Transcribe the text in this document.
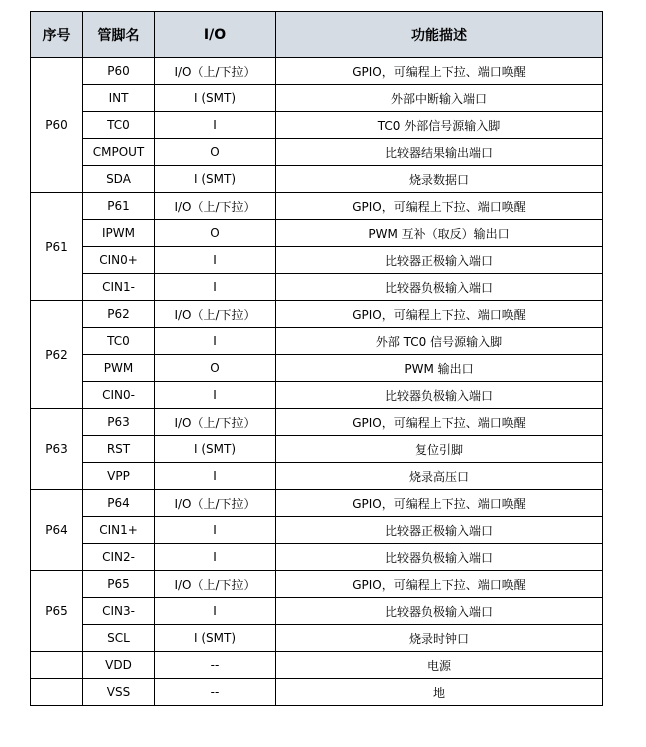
序号	管脚名	I/O	功能描述
P60	P60	I/O（上/下拉）	GPIO，可编程上下拉、端口唤醒
	INT	I (SMT)	外部中断输入端口
	TC0	I	TC0 外部信号源输入脚
	CMPOUT	O	比较器结果输出端口
	SDA	I (SMT)	烧录数据口
P61	P61	I/O（上/下拉）	GPIO，可编程上下拉、端口唤醒
	IPWM	O	PWM 互补（取反）输出口
	CIN0+	I	比较器正极输入端口
	CIN1-	I	比较器负极输入端口
P62	P62	I/O（上/下拉）	GPIO，可编程上下拉、端口唤醒
	TC0	I	外部 TC0 信号源输入脚
	PWM	O	PWM 输出口
	CIN0-	I	比较器负极输入端口
P63	P63	I/O（上/下拉）	GPIO，可编程上下拉、端口唤醒
	RST	I (SMT)	复位引脚
	VPP	I	烧录高压口
P64	P64	I/O（上/下拉）	GPIO，可编程上下拉、端口唤醒
	CIN1+	I	比较器正极输入端口
	CIN2-	I	比较器负极输入端口
P65	P65	I/O（上/下拉）	GPIO，可编程上下拉、端口唤醒
	CIN3-	I	比较器负极输入端口
	SCL	I (SMT)	烧录时钟口
	VDD	--	电源
	VSS	--	地
